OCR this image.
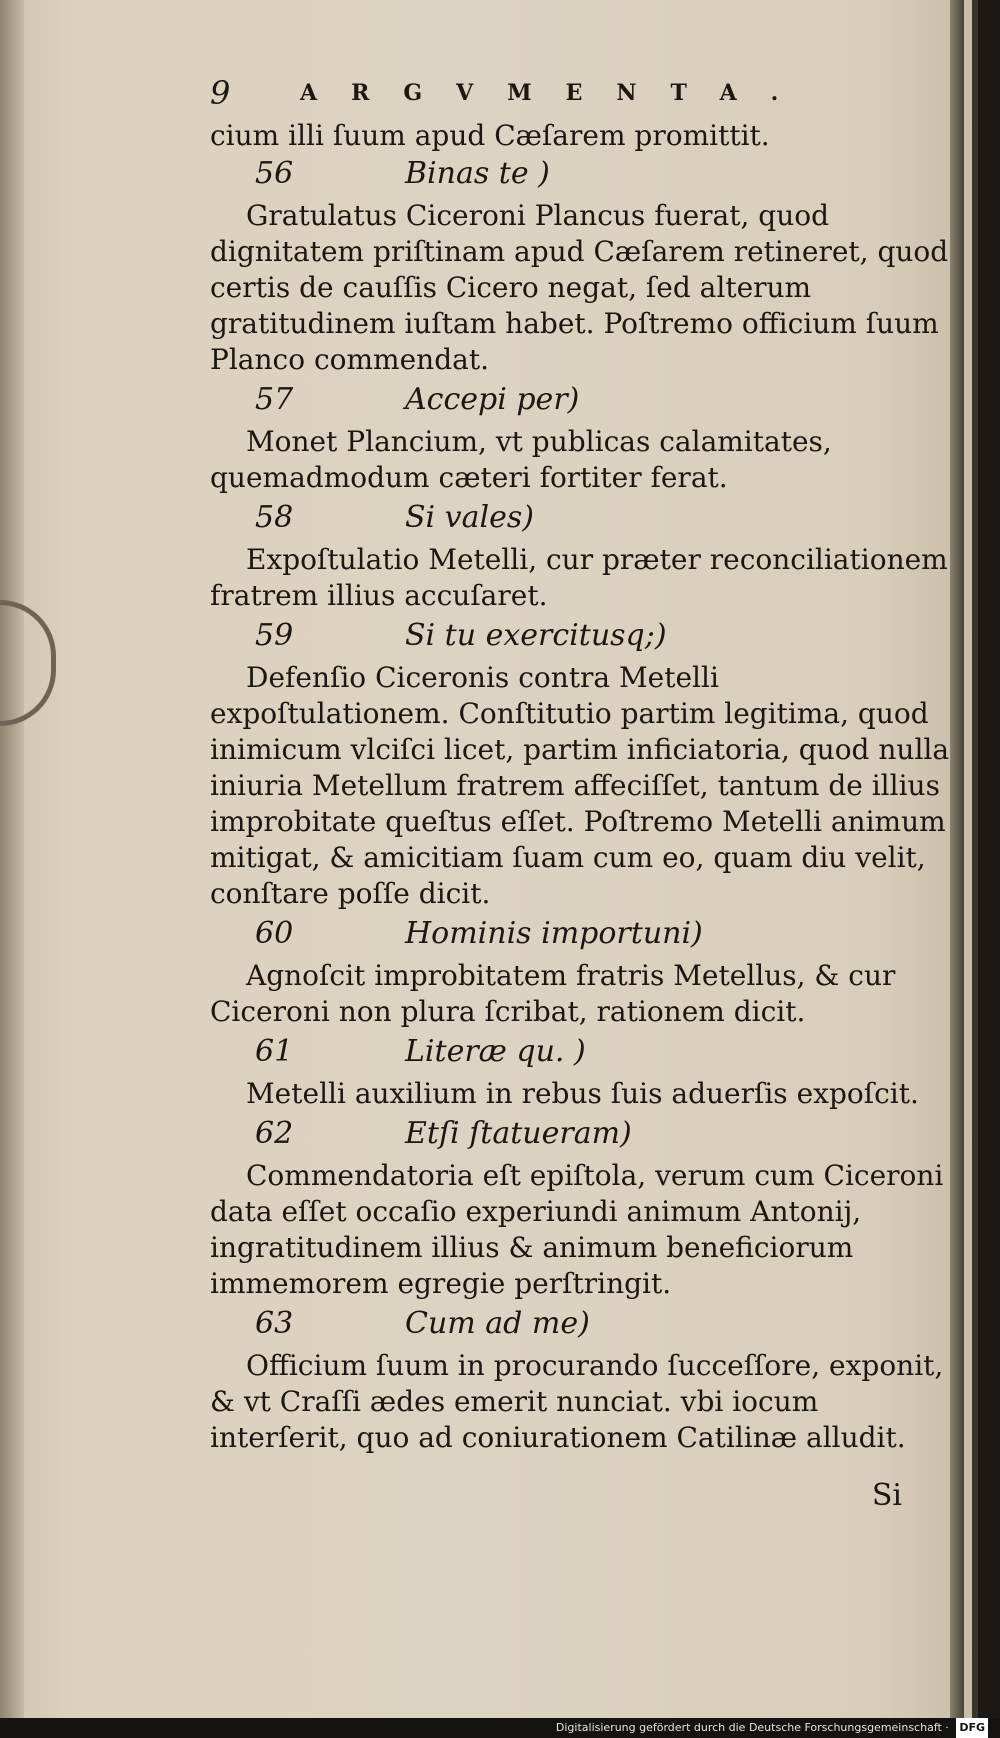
9	ARGVMENTA.
cium illi ſuum apud Cæſarem promittit.
56	Binas te )

Gratulatus Ciceroni Plancus fuerat, quod dignitatem priſtinam apud Cæſarem retineret, quod certis de cauſſis Cicero negat, ſed alterum gratitudinem iuſtam habet. Poſtremo officium ſuum Planco commendat.

57	Accepi per)

Monet Plancium, vt publicas calamitates, quemadmodum cæteri fortiter ferat.

58	Si vales)

Expoſtulatio Metelli, cur præter reconciliationem fratrem illius accuſaret.

59	Si tu exercitusq;)

Defenſio Ciceronis contra Metelli expoſtulationem. Conſtitutio partim legitima, quod inimicum vlciſci licet, partim inficiatoria, quod nulla iniuria Metellum fratrem affeciſſet, tantum de illius improbitate queſtus eſſet. Poſtremo Metelli animum mitigat, & amicitiam ſuam cum eo, quam diu velit, conſtare poſſe dicit.

60	Hominis importuni)

Agnoſcit improbitatem fratris Metellus, & cur Ciceroni non plura ſcribat, rationem dicit.

61	Literæ qu. )

Metelli auxilium in rebus ſuis aduerſis expoſcit.

62	Etſi ſtatueram)

Commendatoria eſt epiſtola, verum cum Ciceroni data eſſet occaſio experiundi animum Antonij, ingratitudinem illius & animum beneficiorum immemorem egregie perſtringit.

63	Cum ad me)

Officium ſuum in procurando ſucceſſore, exponit, & vt Craſſi ædes emerit nunciat. vbi iocum interſerit, quo ad coniurationem Catilinæ alludit.

Si
Digitalisierung gefördert durch die Deutsche Forschungsgemeinschaft · DFG
